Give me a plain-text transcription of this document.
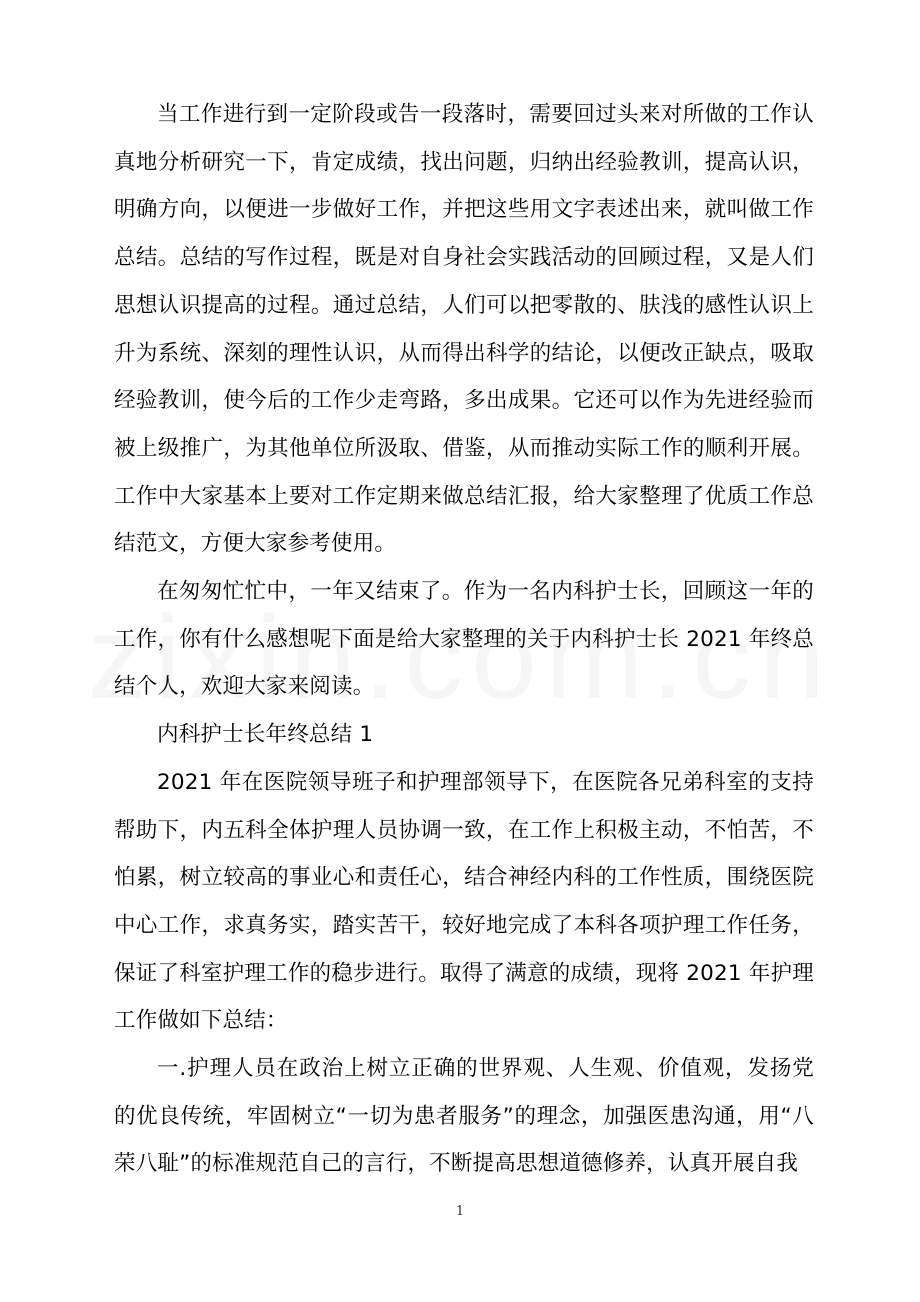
当工作进行到一定阶段或告一段落时，需要回过头来对所做的工作认真地分析研究一下，肯定成绩，找出问题，归纳出经验教训，提高认识，明确方向，以便进一步做好工作，并把这些用文字表述出来，就叫做工作总结。总结的写作过程，既是对自身社会实践活动的回顾过程，又是人们思想认识提高的过程。通过总结，人们可以把零散的、肤浅的感性认识上升为系统、深刻的理性认识，从而得出科学的结论，以便改正缺点，吸取经验教训，使今后的工作少走弯路，多出成果。它还可以作为先进经验而被上级推广，为其他单位所汲取、借鉴，从而推动实际工作的顺利开展。工作中大家基本上要对工作定期来做总结汇报，给大家整理了优质工作总结范文，方便大家参考使用。

在匆匆忙忙中，一年又结束了。作为一名内科护士长，回顾这一年的工作，你有什么感想呢下面是给大家整理的关于内科护士长 2021 年终总结个人，欢迎大家来阅读。

内科护士长年终总结 1

2021 年在医院领导班子和护理部领导下，在医院各兄弟科室的支持帮助下，内五科全体护理人员协调一致，在工作上积极主动，不怕苦，不怕累，树立较高的事业心和责任心，结合神经内科的工作性质，围绕医院中心工作，求真务实，踏实苦干，较好地完成了本科各项护理工作任务，保证了科室护理工作的稳步进行。取得了满意的成绩，现将 2021 年护理工作做如下总结：

一.护理人员在政治上树立正确的世界观、人生观、价值观，发扬党的优良传统，牢固树立“一切为患者服务”的理念，加强医患沟通，用“八荣八耻”的标准规范自己的言行，不断提高思想道德修养，认真开展自我

1
